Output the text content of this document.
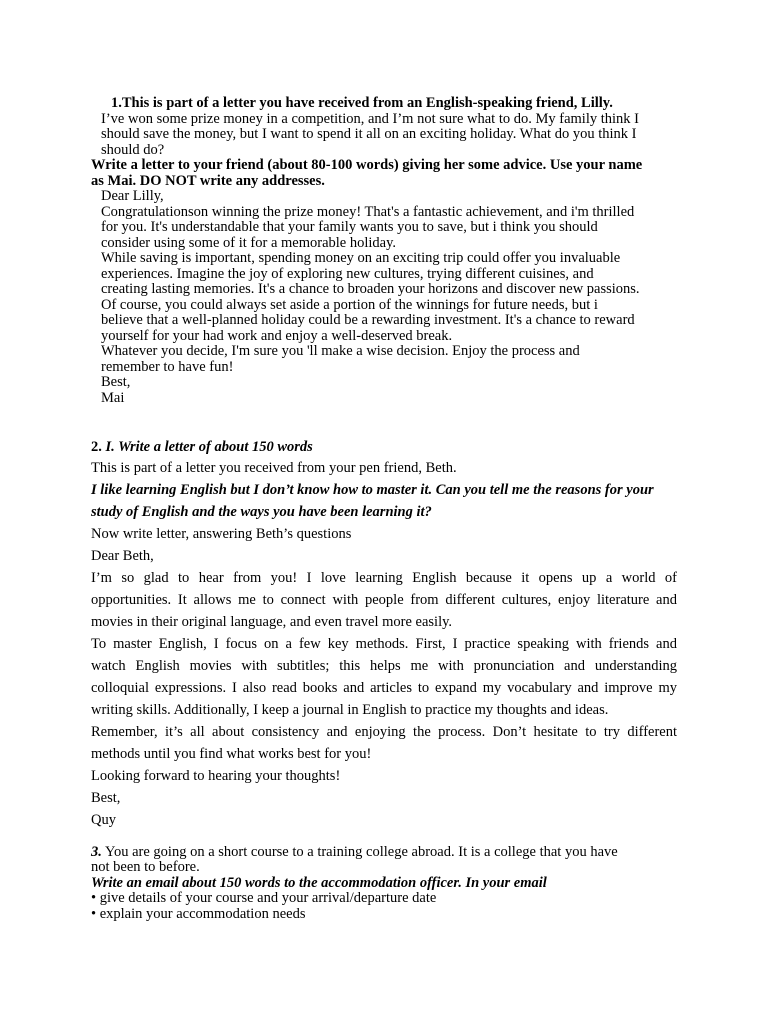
1.This is part of a letter you have received from an English-speaking friend, Lilly.
I’ve won some prize money in a competition, and I’m not sure what to do. My family think I
should save the money, but I want to spend it all on an exciting holiday. What do you think I
should do?
Write a letter to your friend (about 80-100 words) giving her some advice. Use your name
as Mai. DO NOT write any addresses.
Dear Lilly,
Congratulationson winning the prize money! That's a fantastic achievement, and i'm thrilled
for you. It's understandable that your family wants you to save, but i think you should
consider using some of it for a memorable holiday.
While saving is important, spending money on an exciting trip could offer you invaluable
experiences. Imagine the joy of exploring new cultures, trying different cuisines, and
creating lasting memories. It's a chance to broaden your horizons and discover new passions.
Of course, you could always set aside a portion of the winnings for future needs, but i
believe that a well-planned holiday could be a rewarding investment. It's a chance to reward
yourself for your had work and enjoy a well-deserved break.
Whatever you decide, I'm sure you 'll make a wise decision. Enjoy the process and
remember to have fun!
Best,
Mai
2. I. Write a letter of about 150 words
This is part of a letter you received from your pen friend, Beth.
I like learning English but I don’t know how to master it. Can you tell me the reasons for your
study of English and the ways you have been learning it?
Now write letter, answering Beth’s questions
Dear Beth,
I’m so glad to hear from you! I love learning English because it opens up a world of
opportunities. It allows me to connect with people from different cultures, enjoy literature and
movies in their original language, and even travel more easily.
To master English, I focus on a few key methods. First, I practice speaking with friends and
watch English movies with subtitles; this helps me with pronunciation and understanding
colloquial expressions. I also read books and articles to expand my vocabulary and improve my
writing skills. Additionally, I keep a journal in English to practice my thoughts and ideas.
Remember, it’s all about consistency and enjoying the process. Don’t hesitate to try different
methods until you find what works best for you!
Looking forward to hearing your thoughts!
Best,
Quy
3. You are going on a short course to a training college abroad. It is a college that you have
not been to before.
Write an email about 150 words to the accommodation officer. In your email
• give details of your course and your arrival/departure date
• explain your accommodation needs
